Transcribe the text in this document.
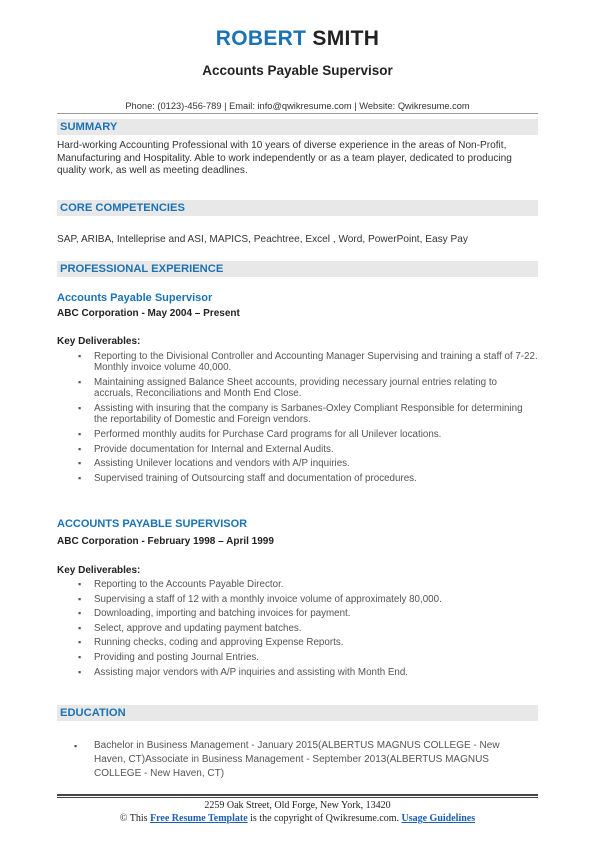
ROBERT SMITH
Accounts Payable Supervisor
Phone: (0123)-456-789 | Email: info@qwikresume.com | Website: Qwikresume.com
SUMMARY
Hard-working Accounting Professional with 10 years of diverse experience in the areas of Non-Profit, Manufacturing and Hospitality. Able to work independently or as a team player, dedicated to producing quality work, as well as meeting deadlines.
CORE COMPETENCIES
SAP, ARIBA, Intelleprise and ASI, MAPICS, Peachtree, Excel , Word, PowerPoint, Easy Pay
PROFESSIONAL EXPERIENCE
Accounts Payable Supervisor
ABC Corporation - May 2004 – Present
Key Deliverables:
▪ Reporting to the Divisional Controller and Accounting Manager Supervising and training a staff of 7-22. Monthly invoice volume 40,000.
▪ Maintaining assigned Balance Sheet accounts, providing necessary journal entries relating to accruals, Reconciliations and Month End Close.
▪ Assisting with insuring that the company is Sarbanes-Oxley Compliant Responsible for determining the reportability of Domestic and Foreign vendors.
▪ Performed monthly audits for Purchase Card programs for all Unilever locations.
▪ Provide documentation for Internal and External Audits.
▪ Assisting Unilever locations and vendors with A/P inquiries.
▪ Supervised training of Outsourcing staff and documentation of procedures.
ACCOUNTS PAYABLE SUPERVISOR
ABC Corporation - February 1998 – April 1999
Key Deliverables:
▪ Reporting to the Accounts Payable Director.
▪ Supervising a staff of 12 with a monthly invoice volume of approximately 80,000.
▪ Downloading, importing and batching invoices for payment.
▪ Select, approve and updating payment batches.
▪ Running checks, coding and approving Expense Reports.
▪ Providing and posting Journal Entries.
▪ Assisting major vendors with A/P inquiries and assisting with Month End.
EDUCATION
▪	Bachelor in Business Management - January 2015(ALBERTUS MAGNUS COLLEGE - New Haven, CT)Associate in Business Management - September 2013(ALBERTUS MAGNUS COLLEGE - New Haven, CT)
2259 Oak Street, Old Forge, New York, 13420
© This Free Resume Template is the copyright of Qwikresume.com. Usage Guidelines
